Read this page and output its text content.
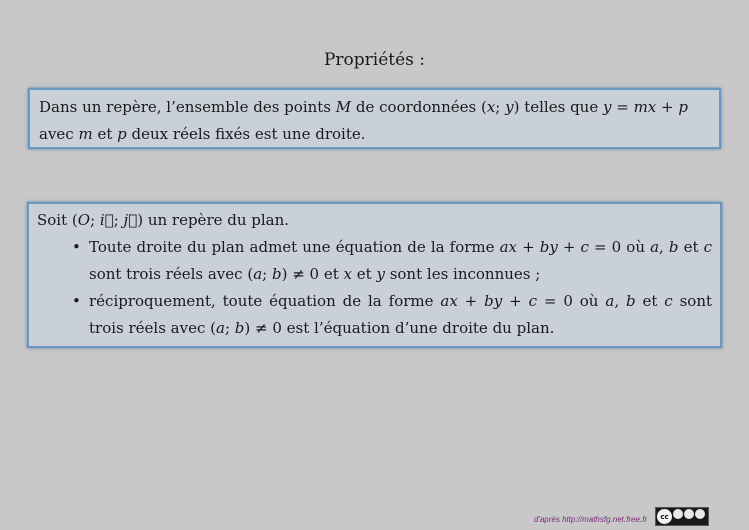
Propriétés :
Dans un repère, l’ensemble des points M de coordonnées (x; y) telles que y = mx + p avec m et p deux réels fixés est une droite.
Soit (O; i⃗; j⃗) un repère du plan.
• Toute droite du plan admet une équation de la forme ax + by + c = 0 où a, b et c sont trois réels avec (a; b) ≠ 0 et x et y sont les inconnues ;
• réciproquement, toute équation de la forme ax + by + c = 0 où a, b et c sont trois réels avec (a; b) ≠ 0 est l’équation d’une droite du plan.
d'après http://mathsfg.net.free.fr	cc
